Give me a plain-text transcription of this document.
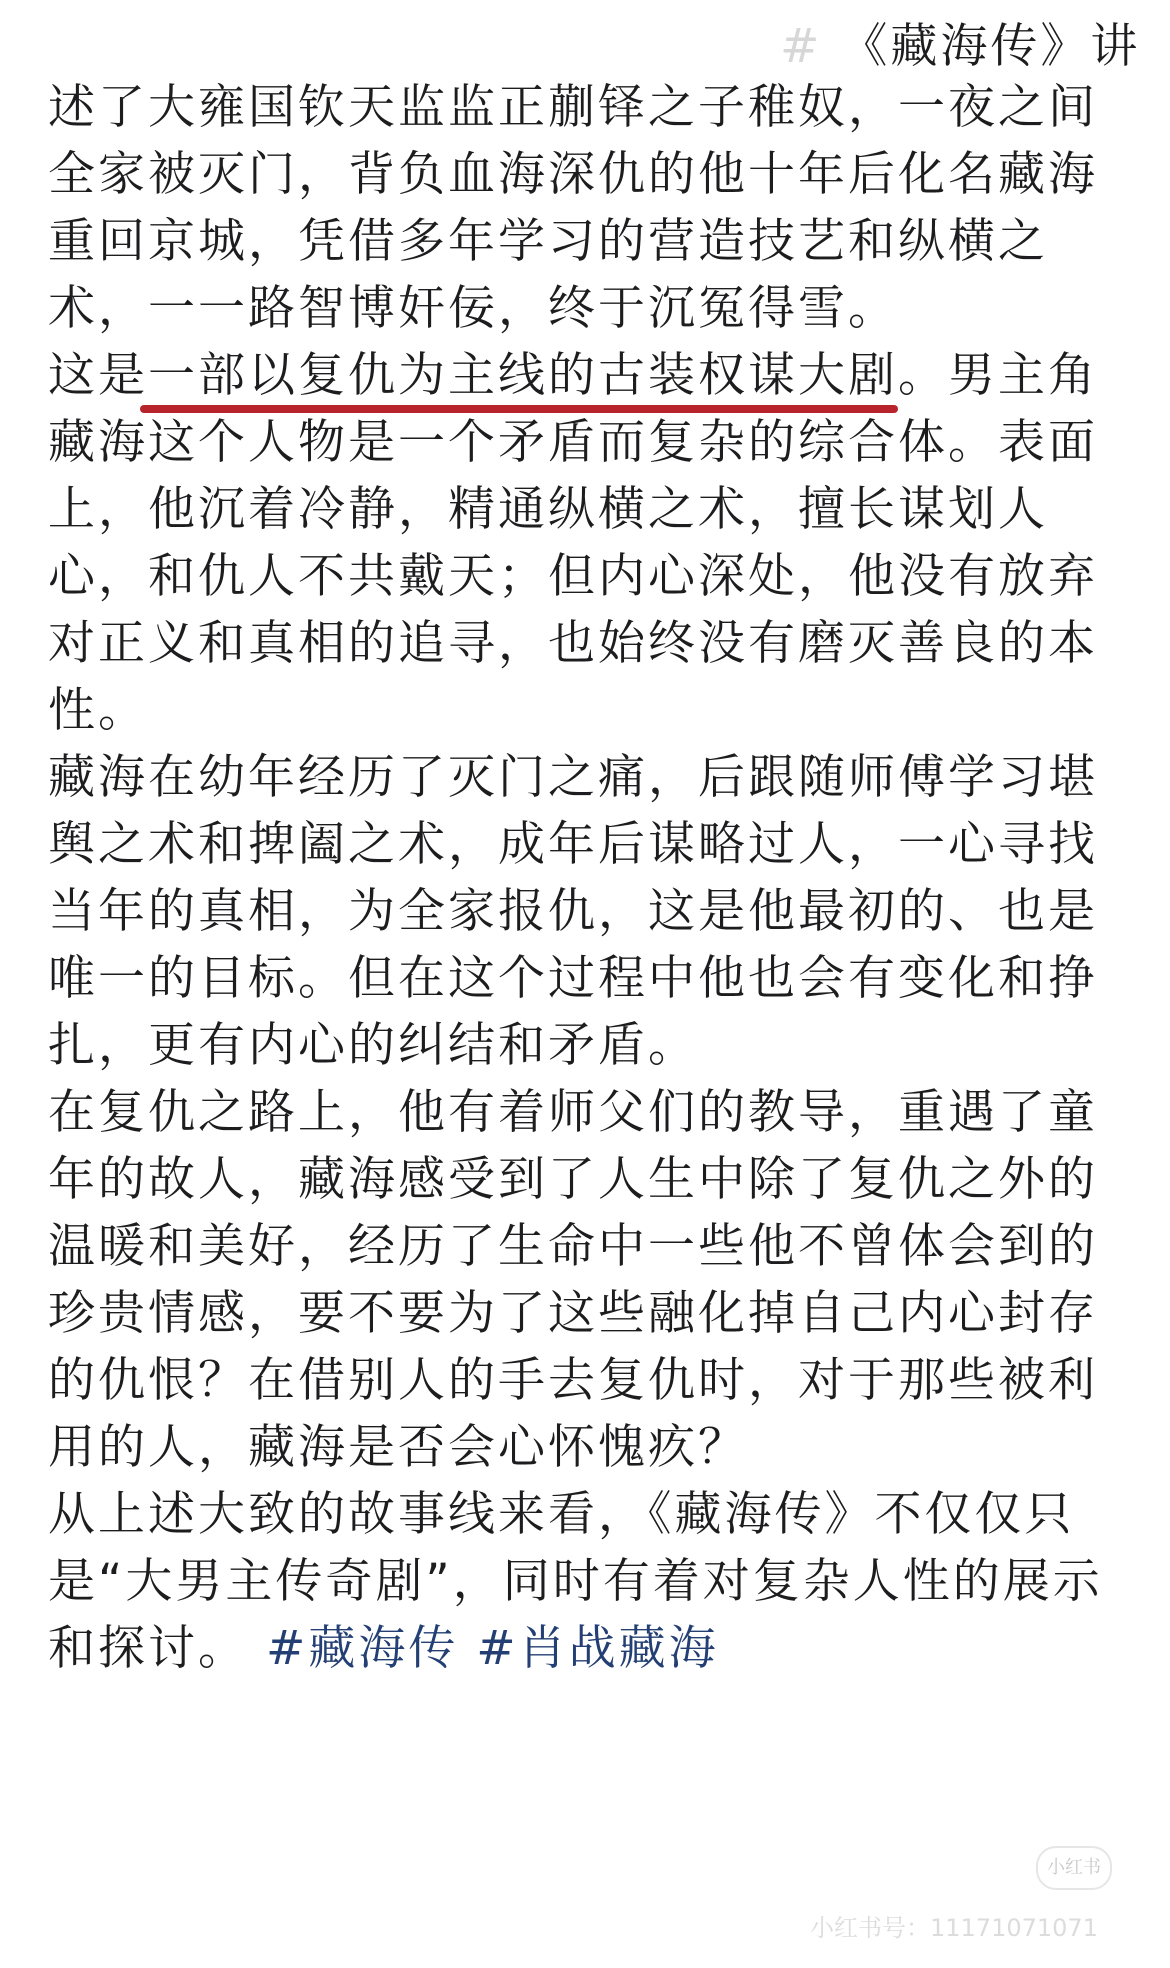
# 《藏海传》讲
述了大雍国钦天监监正蒯铎之子稚奴，一夜之间
全家被灭门，背负血海深仇的他十年后化名藏海
重回京城，凭借多年学习的营造技艺和纵横之
术，一一路智博奸佞，终于沉冤得雪。
这是一部以复仇为主线的古装权谋大剧
。男主角
藏海这个人物是一个矛盾而复杂的综合体。表面
上，他沉着冷静，精通纵横之术，擅长谋划人
心，和仇人不共戴天；但内心深处，他没有放弃
对正义和真相的追寻，也始终没有磨灭善良的本
性。
藏海在幼年经历了灭门之痛，后跟随师傅学习堪
舆之术和捭阖之术，成年后谋略过人，一心寻找
当年的真相，为全家报仇，这是他最初的、也是
唯一的目标。但在这个过程中他也会有变化和挣
扎，更有内心的纠结和矛盾。
在复仇之路上，他有着师父们的教导，重遇了童
年的故人，藏海感受到了人生中除了复仇之外的
温暖和美好，经历了生命中一些他不曾体会到的
珍贵情感，要不要为了这些融化掉自己内心封存
的仇恨？在借别人的手去复仇时，对于那些被利
用的人，藏海是否会心怀愧疚？
从上述大致的故事线来看，《藏海传》不仅仅只
是“大男主传奇剧”，同时有着对复杂人性的展示
和探讨。 #藏海传 #肖战藏海
小红书
小红书号：11171071071
